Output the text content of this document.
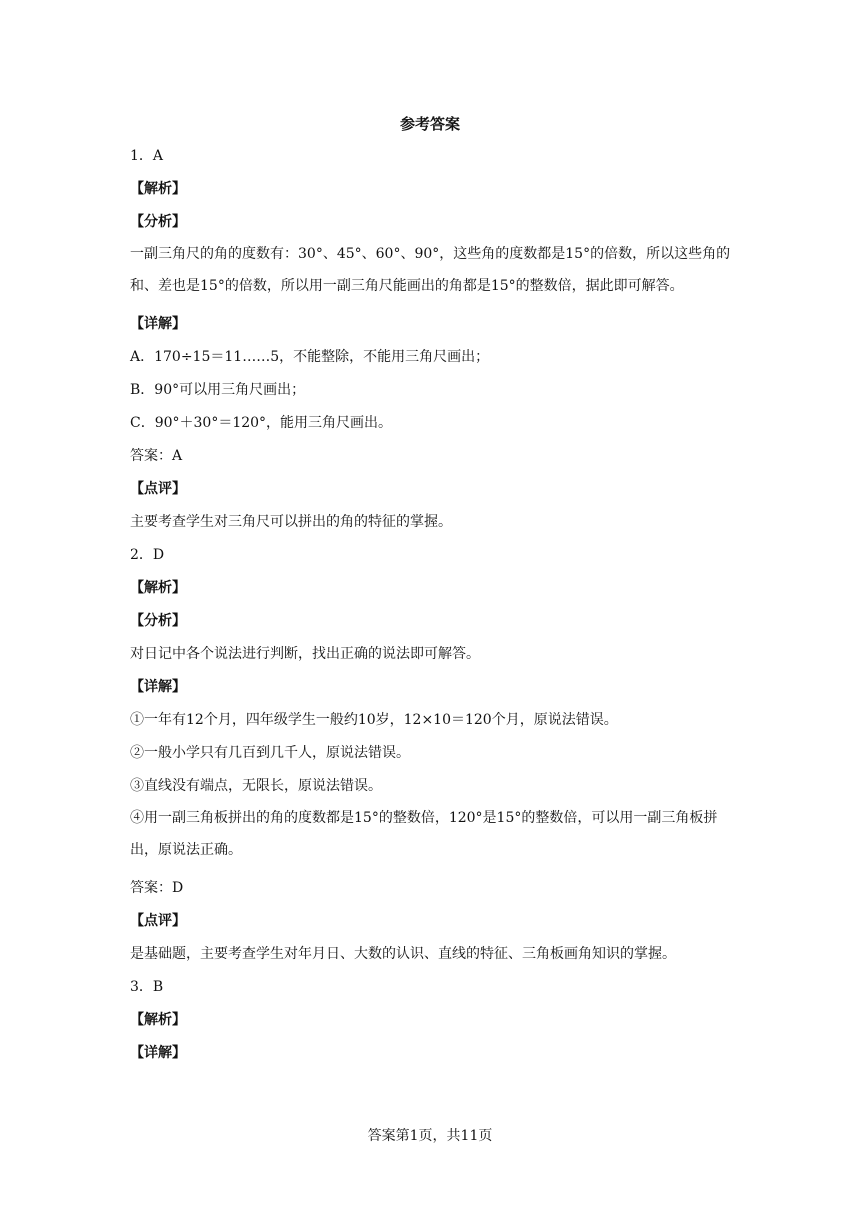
参考答案
1．A
【解析】
【分析】
一副三角尺的角的度数有：30°、45°、60°、90°，这些角的度数都是15°的倍数，所以这些角的和、差也是15°的倍数，所以用一副三角尺能画出的角都是15°的整数倍，据此即可解答。
【详解】
A．170÷15＝11……5，不能整除，不能用三角尺画出；
B．90°可以用三角尺画出；
C．90°＋30°＝120°，能用三角尺画出。
答案：A
【点评】
主要考查学生对三角尺可以拼出的角的特征的掌握。
2．D
【解析】
【分析】
对日记中各个说法进行判断，找出正确的说法即可解答。
【详解】
①一年有12个月，四年级学生一般约10岁，12×10＝120个月，原说法错误。
②一般小学只有几百到几千人，原说法错误。
③直线没有端点，无限长，原说法错误。
④用一副三角板拼出的角的度数都是15°的整数倍，120°是15°的整数倍，可以用一副三角板拼出，原说法正确。
答案：D
【点评】
是基础题，主要考查学生对年月日、大数的认识、直线的特征、三角板画角知识的掌握。
3．B
【解析】
【详解】
答案第1页，共11页
